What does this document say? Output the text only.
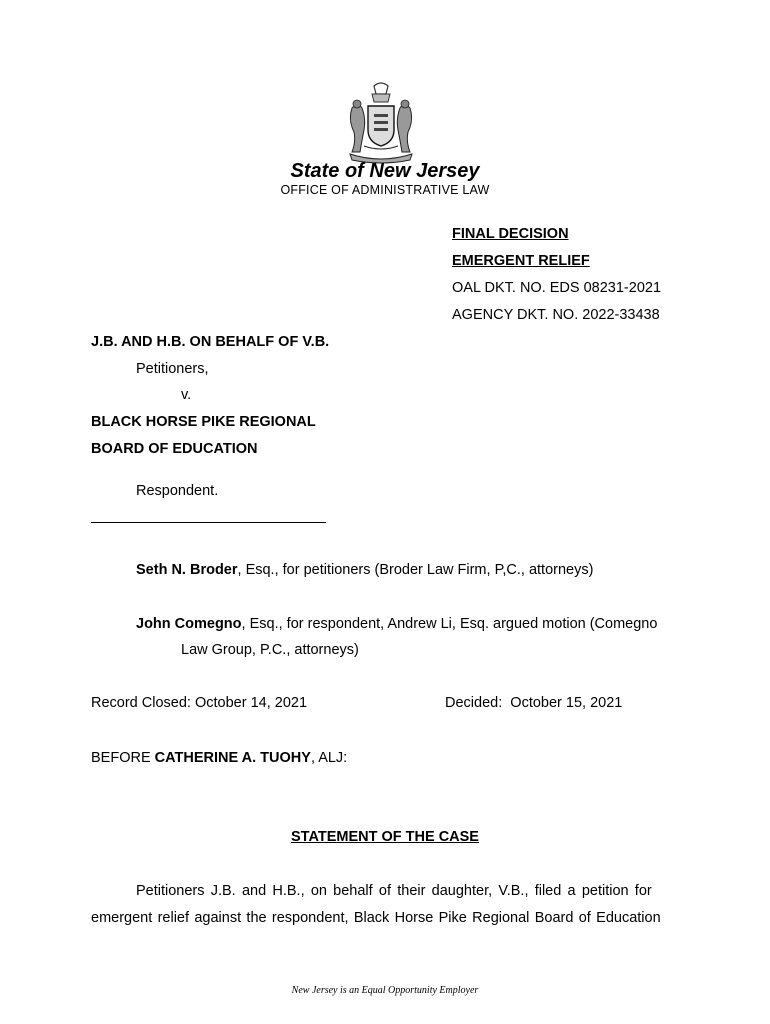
State of New Jersey
OFFICE OF ADMINISTRATIVE LAW
FINAL DECISION
EMERGENT RELIEF
OAL DKT. NO. EDS 08231-2021
AGENCY DKT. NO. 2022-33438
J.B. AND H.B. ON BEHALF OF V.B.
Petitioners,
v.
BLACK HORSE PIKE REGIONAL
BOARD OF EDUCATION
Respondent.
Seth N. Broder, Esq., for petitioners (Broder Law Firm, P,C., attorneys)
John Comegno, Esq., for respondent, Andrew Li, Esq. argued motion (Comegno
Law Group, P.C., attorneys)
Record Closed: October 14, 2021	Decided:  October 15, 2021
BEFORE CATHERINE A. TUOHY, ALJ:
STATEMENT OF THE CASE
Petitioners J.B. and H.B., on behalf of their daughter, V.B., filed a petition for
emergent relief against the respondent, Black Horse Pike Regional Board of Education
New Jersey is an Equal Opportunity Employer
